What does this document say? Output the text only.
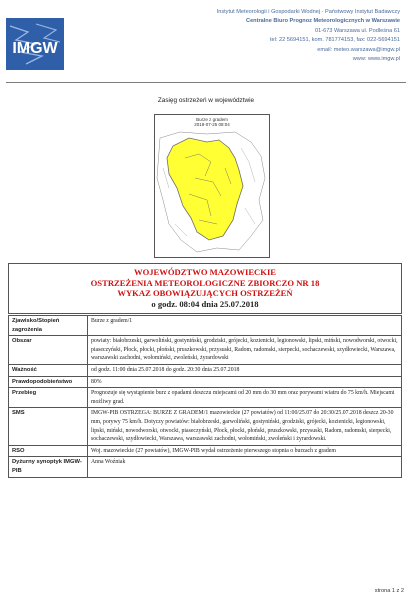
IMGW
Instytut Meteorologii i Gospodarki Wodnej - Państwowy Instytut Badawczy
Centralne Biuro Prognoz Meteorologicznych w Warszawie
01-673 Warszawa ul. Podleśna 61
tel: 22 5694151, kom. 781774153, fax: 022-5694151
email: meteo.warszawa@imgw.pl
www: www.imgw.pl
Zasięg ostrzeżeń w województwie
Burze z gradem
2018-07-25 08:04
WOJEWÓDZTWO MAZOWIECKIE
OSTRZEŻENIA METEOROLOGICZNE ZBIORCZO NR 18
WYKAZ OBOWIĄZUJĄCYCH OSTRZEŻEŃ
o godz. 08:04 dnia 25.07.2018
Zjawisko/Stopień zagrożenia	Burze z gradem/1
Obszar	powiaty: białobrzeski, garwoliński, gostyniński, grodziski, grójecki, kozienicki, legionowski, lipski, miński, nowodworski, otwocki, piaseczyński, Płock, płocki, płoński, pruszkowski, przysuski, Radom, radomski, sierpecki, sochaczewski, szydłowiecki, Warszawa, warszawski zachodni, wołomiński, zwoleński, żyrardowski
Ważność	od godz. 11:00 dnia 25.07.2018 do godz. 20:30 dnia 25.07.2018
Prawdopodobieństwo	80%
Przebieg	Prognozuje się wystąpienie burz z opadami deszczu miejscami od 20 mm do 30 mm oraz porywami wiatru do 75 km/h. Miejscami możliwy grad.
SMS	IMGW-PIB OSTRZEGA: BURZE Z GRADEM/1 mazowieckie (27 powiatów) od 11:00/25.07 do 20:30/25.07.2018 deszcz 20-30 mm, porywy 75 km/h. Dotyczy powiatów: białobrzeski, garwoliński, gostyniński, grodziski, grójecki, kozienicki, legionowski, lipski, miński, nowodworski, otwocki, piaseczyński, Płock, płocki, płoński, pruszkowski, przysuski, Radom, radomski, sierpecki, sochaczewski, szydłowiecki, Warszawa, warszawski zachodni, wołomiński, zwoleński i żyrardowski.
RSO	Woj. mazowieckie (27 powiatów), IMGW-PIB wydał ostrzeżenie pierwszego stopnia o burzach z gradem
Dyżurny synoptyk IMGW-PIB	Anna Woźniak
strona 1 z 2
